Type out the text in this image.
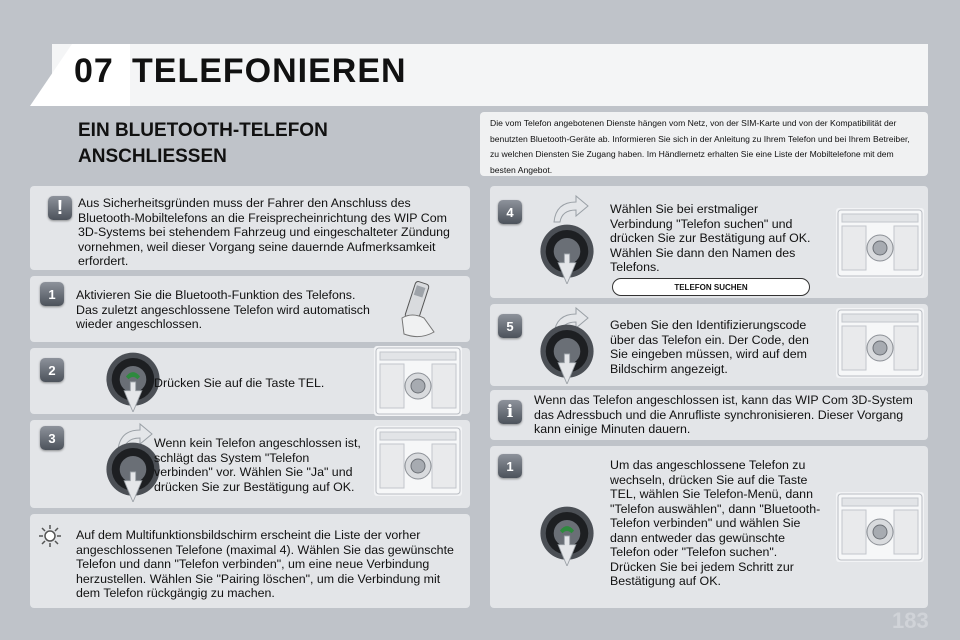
07 TELEFONIEREN
EIN BLUETOOTH-TELEFON
ANSCHLIESSEN

Die vom Telefon angebotenen Dienste hängen vom Netz, von der SIM-Karte und von der Kompatibilität der benutzten Bluetooth-Geräte ab. Informieren Sie sich in der Anleitung zu Ihrem Telefon und bei Ihrem Betreiber, zu welchen Diensten Sie Zugang haben. Im Händlernetz erhalten Sie eine Liste der Mobiltelefone mit dem besten Angebot.

!	Aus Sicherheitsgründen muss der Fahrer den Anschluss des Bluetooth-Mobiltelefons an die Freisprecheinrichtung des WIP Com 3D-Systems bei stehendem Fahrzeug und eingeschalteter Zündung vornehmen, weil dieser Vorgang seine dauernde Aufmerksamkeit erfordert.
1	Aktivieren Sie die Bluetooth-Funktion des Telefons. Das zuletzt angeschlossene Telefon wird automatisch wieder angeschlossen.
2
Drücken Sie auf die Taste TEL.
3	Wenn kein Telefon angeschlossen ist, schlägt das System "Telefon verbinden" vor. Wählen Sie "Ja" und drücken Sie zur Bestätigung auf OK.
Auf dem Multifunktionsbildschirm erscheint die Liste der vorher angeschlossenen Telefone (maximal 4). Wählen Sie das gewünschte Telefon und dann "Telefon verbinden", um eine neue Verbindung herzustellen. Wählen Sie "Pairing löschen", um die Verbindung mit dem Telefon rückgängig zu machen.
4	Wählen Sie bei erstmaliger Verbindung "Telefon suchen" und drücken Sie zur Bestätigung auf OK. Wählen Sie dann den Namen des Telefons.
TELEFON SUCHEN
5	Geben Sie den Identifizierungscode über das Telefon ein. Der Code, den Sie eingeben müssen, wird auf dem Bildschirm angezeigt.
i
Wenn das Telefon angeschlossen ist, kann das WIP Com 3D-System das Adressbuch und die Anrufliste synchronisieren. Dieser Vorgang kann einige Minuten dauern.
1	Um das angeschlossene Telefon zu wechseln, drücken Sie auf die Taste TEL, wählen Sie Telefon-Menü, dann "Telefon auswählen", dann "Bluetooth-Telefon verbinden" und wählen Sie dann entweder das gewünschte Telefon oder "Telefon suchen". Drücken Sie bei jedem Schritt zur Bestätigung auf OK.
183
